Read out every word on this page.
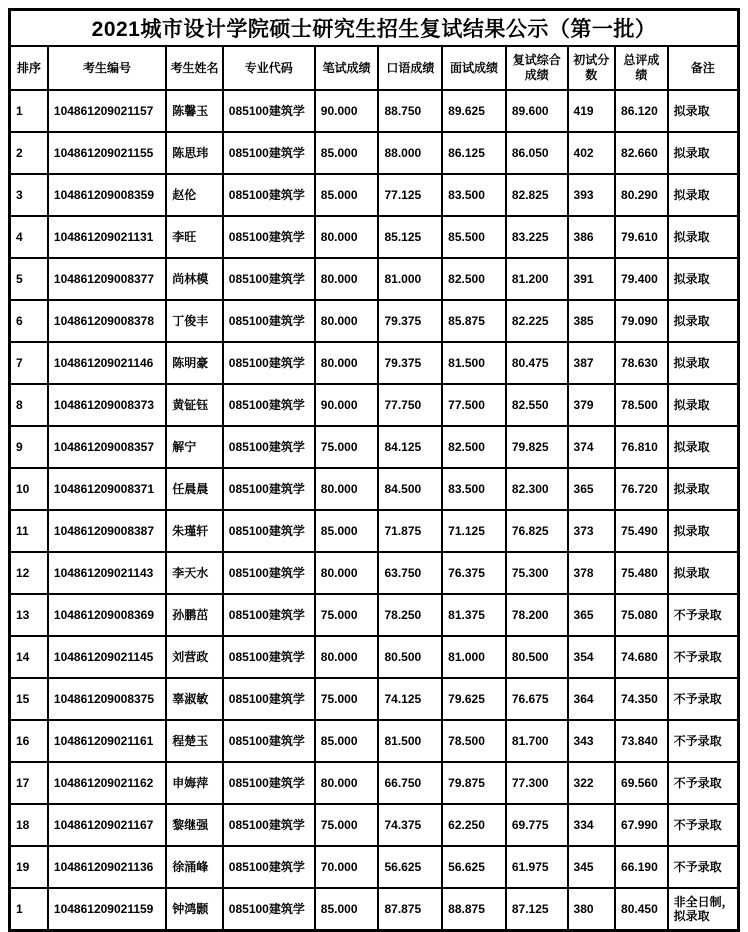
2021城市设计学院硕士研究生招生复试结果公示（第一批）										
排序	考生编号	考生姓名	专业代码	笔试成绩	口语成绩	面试成绩	复试综合成绩	初试分数	总评成绩	备注
1	104861209021157	陈馨玉	085100建筑学	90.000	88.750	89.625	89.600	419	86.120	拟录取
2	104861209021155	陈思玮	085100建筑学	85.000	88.000	86.125	86.050	402	82.660	拟录取
3	104861209008359	赵伦	085100建筑学	85.000	77.125	83.500	82.825	393	80.290	拟录取
4	104861209021131	李旺	085100建筑学	80.000	85.125	85.500	83.225	386	79.610	拟录取
5	104861209008377	尚林模	085100建筑学	80.000	81.000	82.500	81.200	391	79.400	拟录取
6	104861209008378	丁俊丰	085100建筑学	80.000	79.375	85.875	82.225	385	79.090	拟录取
7	104861209021146	陈明豪	085100建筑学	80.000	79.375	81.500	80.475	387	78.630	拟录取
8	104861209008373	黄钲钰	085100建筑学	90.000	77.750	77.500	82.550	379	78.500	拟录取
9	104861209008357	解宁	085100建筑学	75.000	84.125	82.500	79.825	374	76.810	拟录取
10	104861209008371	任晨晨	085100建筑学	80.000	84.500	83.500	82.300	365	76.720	拟录取
11	104861209008387	朱瑾轩	085100建筑学	85.000	71.875	71.125	76.825	373	75.490	拟录取
12	104861209021143	李天水	085100建筑学	80.000	63.750	76.375	75.300	378	75.480	拟录取
13	104861209008369	孙鹏茁	085100建筑学	75.000	78.250	81.375	78.200	365	75.080	不予录取
14	104861209021145	刘营政	085100建筑学	80.000	80.500	81.000	80.500	354	74.680	不予录取
15	104861209008375	辜淑敏	085100建筑学	75.000	74.125	79.625	76.675	364	74.350	不予录取
16	104861209021161	程楚玉	085100建筑学	85.000	81.500	78.500	81.700	343	73.840	不予录取
17	104861209021162	申娒萍	085100建筑学	80.000	66.750	79.875	77.300	322	69.560	不予录取
18	104861209021167	黎继强	085100建筑学	75.000	74.375	62.250	69.775	334	67.990	不予录取
19	104861209021136	徐涌峰	085100建筑学	70.000	56.625	56.625	61.975	345	66.190	不予录取
1	104861209021159	钟鸿颢	085100建筑学	85.000	87.875	88.875	87.125	380	80.450	非全日制，拟录取
